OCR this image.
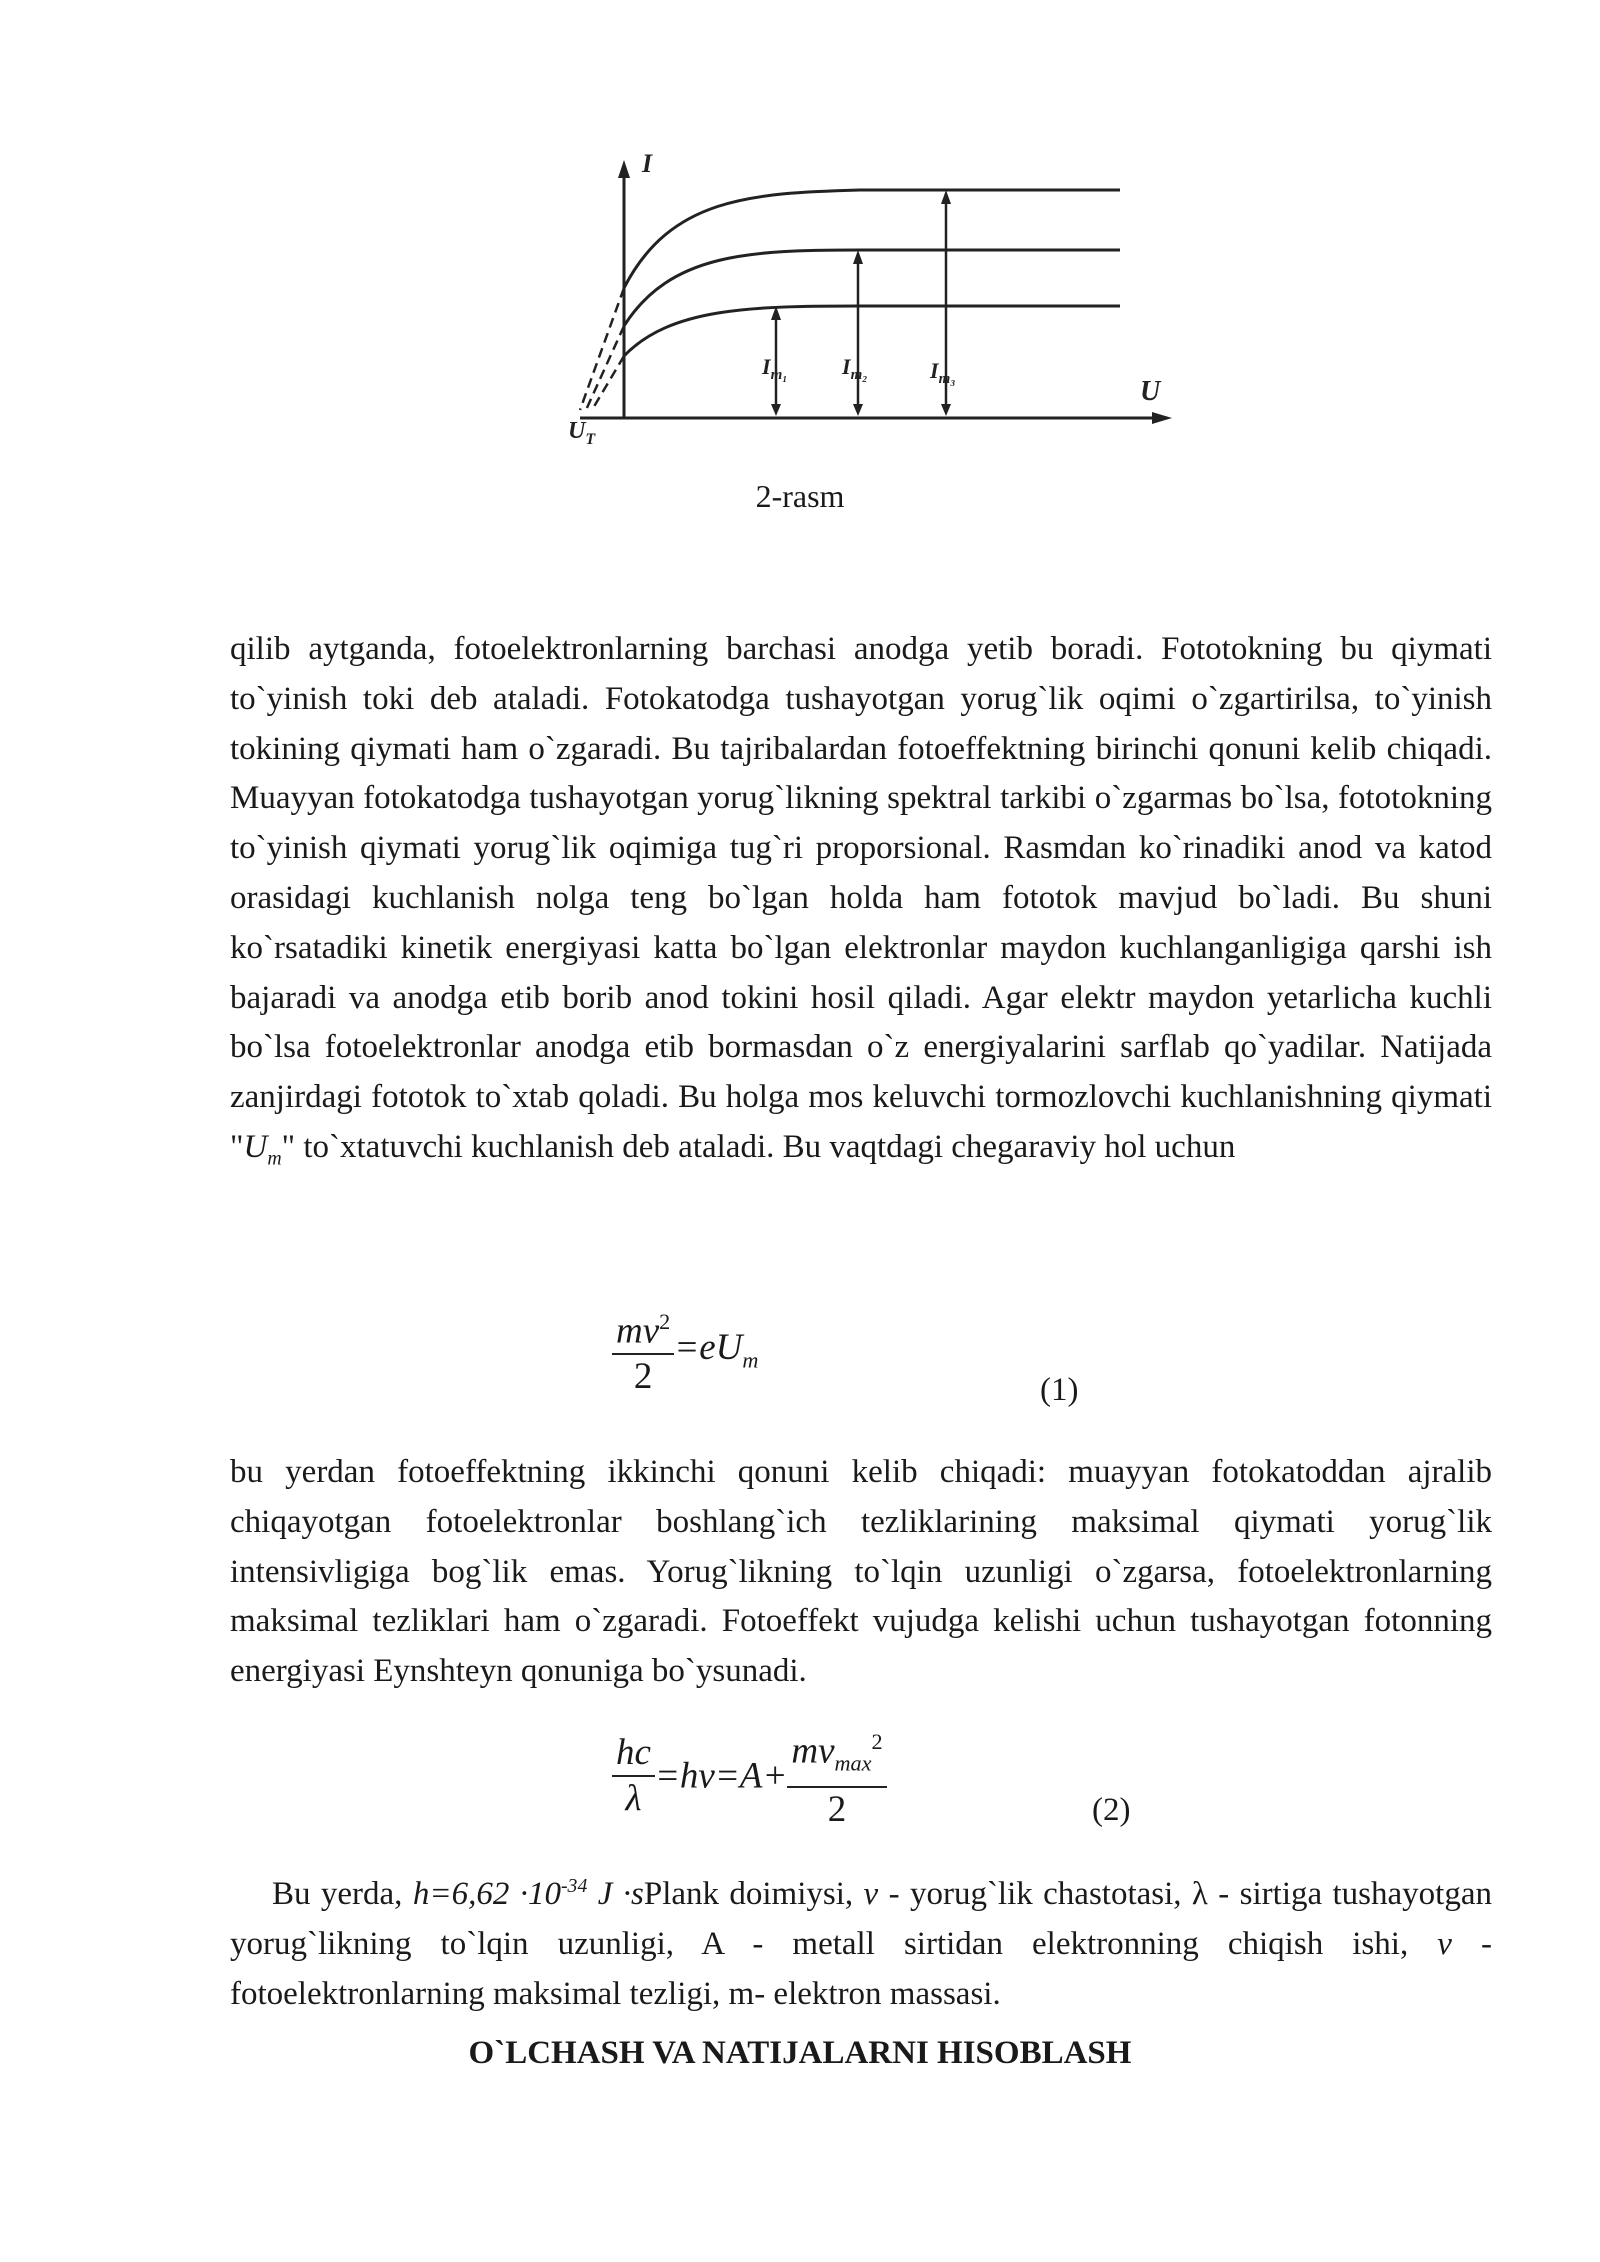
I
U
$U_T$
$I_{m_1}$ $I_{m_2}$	$I_{m_3}$
2-rasm

qilib aytganda, fotoelektronlarning barchasi anodga yetib boradi. Fototokning bu qiymati to`yinish toki deb ataladi. Fotokatodga tushayotgan yorug`lik oqimi o`zgartirilsa, to`yinish tokining qiymati ham o`zgaradi. Bu tajribalardan fotoeffektning birinchi qonuni kelib chiqadi. Muayyan fotokatodga tushayotgan yorug`likning spektral tarkibi o`zgarmas bo`lsa, fototokning to`yinish qiymati yorug`lik oqimiga tug`ri proporsional. Rasmdan ko`rinadiki anod va katod orasidagi kuchlanish nolga teng bo`lgan holda ham fototok mavjud bo`ladi. Bu shuni ko`rsatadiki kinetik energiyasi katta bo`lgan elektronlar maydon kuchlanganligiga qarshi ish bajaradi va anodga etib borib anod tokini hosil qiladi. Agar elektr maydon yetarlicha kuchli bo`lsa fotoelektronlar anodga etib bormasdan o`z energiyalarini sarflab qo`yadilar. Natijada zanjirdagi fototok to`xtab qoladi. Bu holga mos keluvchi tormozlovchi kuchlanishning qiymati "$U_m$" to`xtatuvchi kuchlanish deb ataladi. Bu vaqtdagi chegaraviy hol uchun

$\frac{mv^2}{2} =eU_m$
(1)

bu yerdan fotoeffektning ikkinchi qonuni kelib chiqadi: muayyan fotokatoddan ajralib chiqayotgan fotoelektronlar boshlang`ich tezliklarining maksimal qiymati yorug`lik intensivligiga bog`lik emas. Yorug`likning to`lqin uzunligi o`zgarsa, fotoelektronlarning maksimal tezliklari ham o`zgaradi. Fotoeffekt vujudga kelishi uchun tushayotgan fotonning energiyasi Eynshteyn qonuniga bo`ysunadi.

$\frac{hc}{\lambda} =h\nu=A+ \frac{mv_{max}^2}{2}$	(2)

Bu yerda, $h=6,62 \cdot 10^{-34}$ J ·sPlank doimiysi, ν - yorug`lik chastotasi, λ - sirtiga tushayotgan yorug`likning to`lqin uzunligi, A - metall sirtidan elektronning chiqish ishi, v - fotoelektronlarning maksimal tezligi, m- elektron massasi.

O`LCHASH VA NATIJALARNI HISOBLASH
